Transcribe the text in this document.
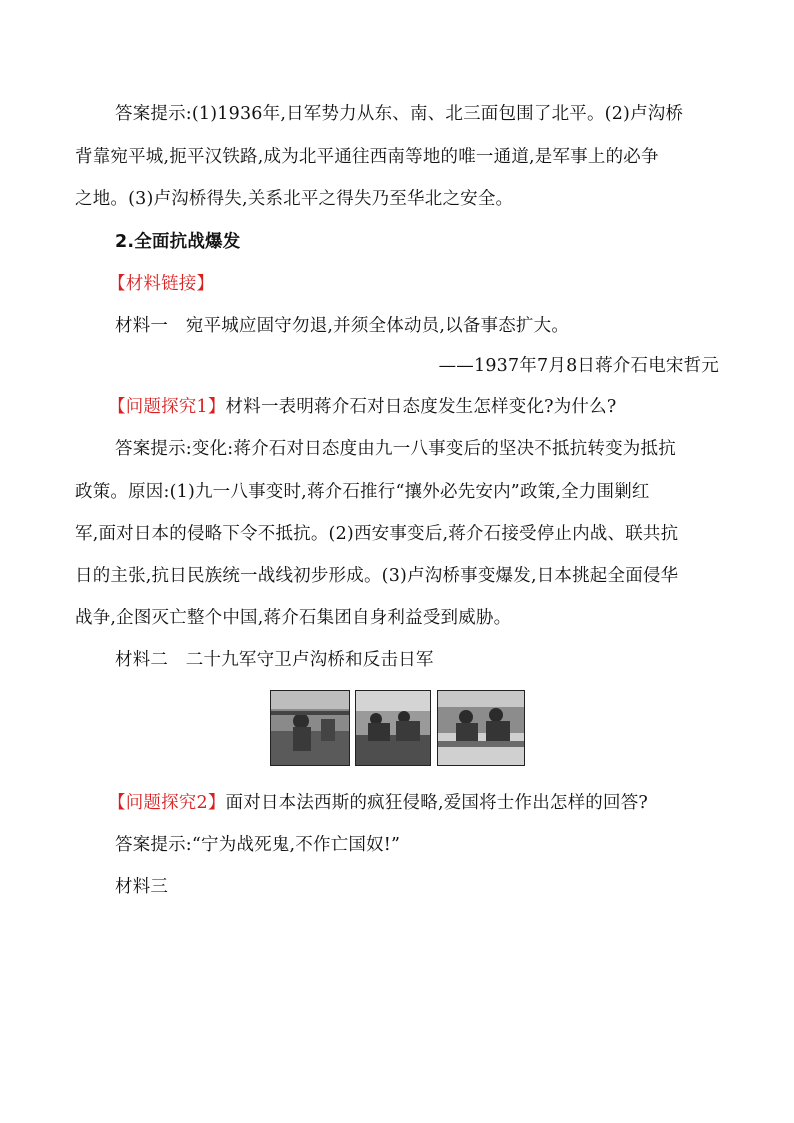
答案提示:(1)1936年,日军势力从东、南、北三面包围了北平。(2)卢沟桥
背靠宛平城,扼平汉铁路,成为北平通往西南等地的唯一通道,是军事上的必争
之地。(3)卢沟桥得失,关系北平之得失乃至华北之安全。
2.全面抗战爆发
【材料链接】
材料一　宛平城应固守勿退,并须全体动员,以备事态扩大。
——1937年7月8日蒋介石电宋哲元
【问题探究1】材料一表明蒋介石对日态度发生怎样变化?为什么?
答案提示:变化:蒋介石对日态度由九一八事变后的坚决不抵抗转变为抵抗
政策。原因:(1)九一八事变时,蒋介石推行“攘外必先安内”政策,全力围剿红
军,面对日本的侵略下令不抵抗。(2)西安事变后,蒋介石接受停止内战、联共抗
日的主张,抗日民族统一战线初步形成。(3)卢沟桥事变爆发,日本挑起全面侵华
战争,企图灭亡整个中国,蒋介石集团自身利益受到威胁。
材料二　二十九军守卫卢沟桥和反击日军
【问题探究2】面对日本法西斯的疯狂侵略,爱国将士作出怎样的回答?
答案提示:“宁为战死鬼,不作亡国奴!”
材料三
